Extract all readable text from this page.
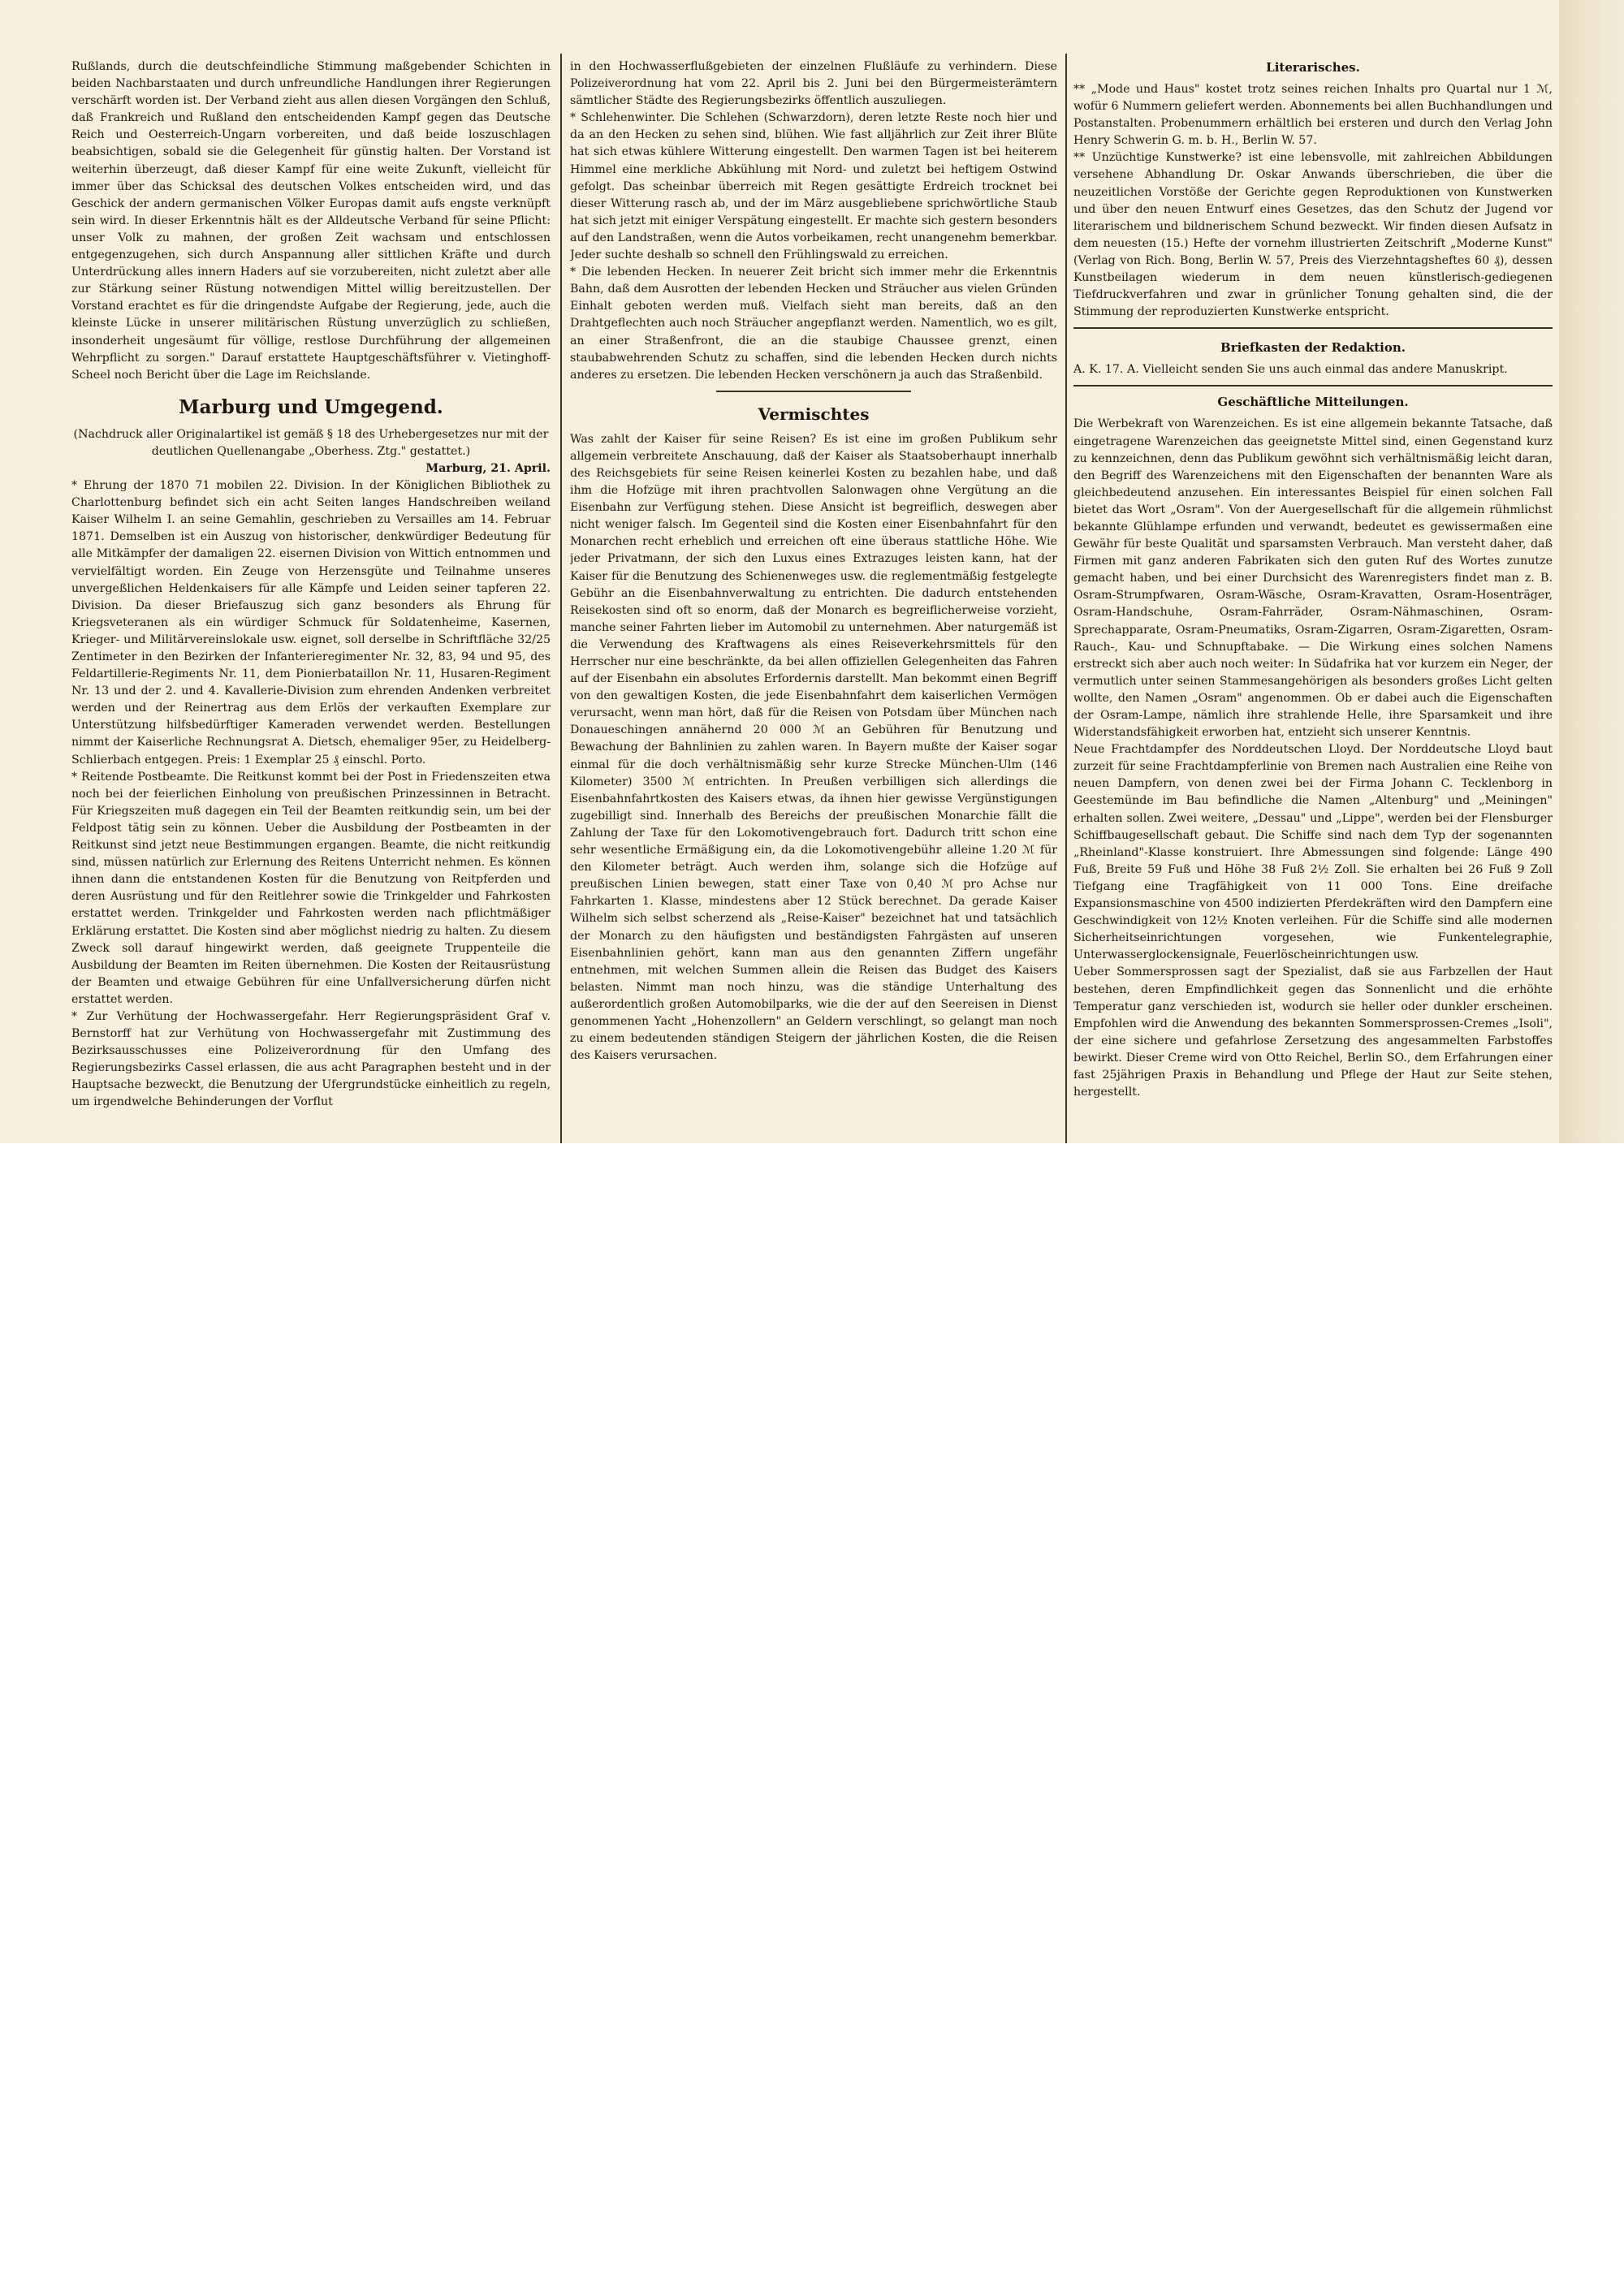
Rußlands, durch die deutschfeindliche Stimmung maßgebender Schichten in beiden Nachbarstaaten und durch unfreundliche Handlungen ihrer Regierungen verschärft worden ist. Der Verband zieht aus allen diesen Vorgängen den Schluß, daß Frankreich und Rußland den entscheidenden Kampf gegen das Deutsche Reich und Oesterreich-Ungarn vorbereiten, und daß beide loszuschlagen beabsichtigen, sobald sie die Gelegenheit für günstig halten. Der Vorstand ist weiterhin überzeugt, daß dieser Kampf für eine weite Zukunft, vielleicht für immer über das Schicksal des deutschen Volkes entscheiden wird, und das Geschick der andern germanischen Völker Europas damit aufs engste verknüpft sein wird. In dieser Erkenntnis hält es der Alldeutsche Verband für seine Pflicht: unser Volk zu mahnen, der großen Zeit wachsam und entschlossen entgegenzugehen, sich durch Anspannung aller sittlichen Kräfte und durch Unterdrückung alles innern Haders auf sie vorzubereiten, nicht zuletzt aber alle zur Stärkung seiner Rüstung notwendigen Mittel willig bereitzustellen. Der Vorstand erachtet es für die dringendste Aufgabe der Regierung, jede, auch die kleinste Lücke in unserer militärischen Rüstung unverzüglich zu schließen, insonderheit ungesäumt für völlige, restlose Durchführung der allgemeinen Wehrpflicht zu sorgen." Darauf erstattete Hauptgeschäftsführer v. Vietinghoff-Scheel noch Bericht über die Lage im Reichslande.

Marburg und Umgegend.

(Nachdruck aller Originalartikel ist gemäß § 18 des Urhebergesetzes nur mit der deutlichen Quellenangabe „Oberhess. Ztg." gestattet.)

Marburg, 21. April.

* Ehrung der 1870 71 mobilen 22. Division. In der Königlichen Bibliothek zu Charlottenburg befindet sich ein acht Seiten langes Handschreiben weiland Kaiser Wilhelm I. an seine Gemahlin, geschrieben zu Versailles am 14. Februar 1871. Demselben ist ein Auszug von historischer, denkwürdiger Bedeutung für alle Mitkämpfer der damaligen 22. eisernen Division von Wittich entnommen und vervielfältigt worden. Ein Zeuge von Herzensgüte und Teilnahme unseres unvergeßlichen Heldenkaisers für alle Kämpfe und Leiden seiner tapferen 22. Division. Da dieser Briefauszug sich ganz besonders als Ehrung für Kriegsveteranen als ein würdiger Schmuck für Soldatenheime, Kasernen, Krieger- und Militärvereinslokale usw. eignet, soll derselbe in Schriftfläche 32/25 Zentimeter in den Bezirken der Infanterieregimenter Nr. 32, 83, 94 und 95, des Feldartillerie-Regiments Nr. 11, dem Pionierbataillon Nr. 11, Husaren-Regiment Nr. 13 und der 2. und 4. Kavallerie-Division zum ehrenden Andenken verbreitet werden und der Reinertrag aus dem Erlös der verkauften Exemplare zur Unterstützung hilfsbedürftiger Kameraden verwendet werden. Bestellungen nimmt der Kaiserliche Rechnungsrat A. Dietsch, ehemaliger 95er, zu Heidelberg-Schlierbach entgegen. Preis: 1 Exemplar 25 ₰ einschl. Porto.

* Reitende Postbeamte. Die Reitkunst kommt bei der Post in Friedenszeiten etwa noch bei der feierlichen Einholung von preußischen Prinzessinnen in Betracht. Für Kriegszeiten muß dagegen ein Teil der Beamten reitkundig sein, um bei der Feldpost tätig sein zu können. Ueber die Ausbildung der Postbeamten in der Reitkunst sind jetzt neue Bestimmungen ergangen. Beamte, die nicht reitkundig sind, müssen natürlich zur Erlernung des Reitens Unterricht nehmen. Es können ihnen dann die entstandenen Kosten für die Benutzung von Reitpferden und deren Ausrüstung und für den Reitlehrer sowie die Trinkgelder und Fahrkosten erstattet werden. Trinkgelder und Fahrkosten werden nach pflichtmäßiger Erklärung erstattet. Die Kosten sind aber möglichst niedrig zu halten. Zu diesem Zweck soll darauf hingewirkt werden, daß geeignete Truppenteile die Ausbildung der Beamten im Reiten übernehmen. Die Kosten der Reitausrüstung der Beamten und etwaige Gebühren für eine Unfallversicherung dürfen nicht erstattet werden.

* Zur Verhütung der Hochwassergefahr. Herr Regierungspräsident Graf v. Bernstorff hat zur Verhütung von Hochwassergefahr mit Zustimmung des Bezirksausschusses eine Polizeiverordnung für den Umfang des Regierungsbezirks Cassel erlassen, die aus acht Paragraphen besteht und in der Hauptsache bezweckt, die Benutzung der Ufergrundstücke einheitlich zu regeln, um irgendwelche Behinderungen der Vorflut

in den Hochwasserflußgebieten der einzelnen Flußläufe zu verhindern. Diese Polizeiverordnung hat vom 22. April bis 2. Juni bei den Bürgermeisterämtern sämtlicher Städte des Regierungsbezirks öffentlich auszuliegen.

* Schlehenwinter. Die Schlehen (Schwarzdorn), deren letzte Reste noch hier und da an den Hecken zu sehen sind, blühen. Wie fast alljährlich zur Zeit ihrer Blüte hat sich etwas kühlere Witterung eingestellt. Den warmen Tagen ist bei heiterem Himmel eine merkliche Abkühlung mit Nord- und zuletzt bei heftigem Ostwind gefolgt. Das scheinbar überreich mit Regen gesättigte Erdreich trocknet bei dieser Witterung rasch ab, und der im März ausgebliebene sprichwörtliche Staub hat sich jetzt mit einiger Verspätung eingestellt. Er machte sich gestern besonders auf den Landstraßen, wenn die Autos vorbeikamen, recht unangenehm bemerkbar. Jeder suchte deshalb so schnell den Frühlingswald zu erreichen.

* Die lebenden Hecken. In neuerer Zeit bricht sich immer mehr die Erkenntnis Bahn, daß dem Ausrotten der lebenden Hecken und Sträucher aus vielen Gründen Einhalt geboten werden muß. Vielfach sieht man bereits, daß an den Drahtgeflechten auch noch Sträucher angepflanzt werden. Namentlich, wo es gilt, an einer Straßenfront, die an die staubige Chaussee grenzt, einen staubabwehrenden Schutz zu schaffen, sind die lebenden Hecken durch nichts anderes zu ersetzen. Die lebenden Hecken verschönern ja auch das Straßenbild.

Vermischtes

Was zahlt der Kaiser für seine Reisen? Es ist eine im großen Publikum sehr allgemein verbreitete Anschauung, daß der Kaiser als Staatsoberhaupt innerhalb des Reichsgebiets für seine Reisen keinerlei Kosten zu bezahlen habe, und daß ihm die Hofzüge mit ihren prachtvollen Salonwagen ohne Vergütung an die Eisenbahn zur Verfügung stehen. Diese Ansicht ist begreiflich, deswegen aber nicht weniger falsch. Im Gegenteil sind die Kosten einer Eisenbahnfahrt für den Monarchen recht erheblich und erreichen oft eine überaus stattliche Höhe. Wie jeder Privatmann, der sich den Luxus eines Extrazuges leisten kann, hat der Kaiser für die Benutzung des Schienenweges usw. die reglementmäßig festgelegte Gebühr an die Eisenbahnverwaltung zu entrichten. Die dadurch entstehenden Reisekosten sind oft so enorm, daß der Monarch es begreiflicherweise vorzieht, manche seiner Fahrten lieber im Automobil zu unternehmen. Aber naturgemäß ist die Verwendung des Kraftwagens als eines Reiseverkehrsmittels für den Herrscher nur eine beschränkte, da bei allen offiziellen Gelegenheiten das Fahren auf der Eisenbahn ein absolutes Erfordernis darstellt. Man bekommt einen Begriff von den gewaltigen Kosten, die jede Eisenbahnfahrt dem kaiserlichen Vermögen verursacht, wenn man hört, daß für die Reisen von Potsdam über München nach Donaueschingen annähernd 20 000 ℳ an Gebühren für Benutzung und Bewachung der Bahnlinien zu zahlen waren. In Bayern mußte der Kaiser sogar einmal für die doch verhältnismäßig sehr kurze Strecke München-Ulm (146 Kilometer) 3500 ℳ entrichten. In Preußen verbilligen sich allerdings die Eisenbahnfahrtkosten des Kaisers etwas, da ihnen hier gewisse Vergünstigungen zugebilligt sind. Innerhalb des Bereichs der preußischen Monarchie fällt die Zahlung der Taxe für den Lokomotivengebrauch fort. Dadurch tritt schon eine sehr wesentliche Ermäßigung ein, da die Lokomotivengebühr alleine 1.20 ℳ für den Kilometer beträgt. Auch werden ihm, solange sich die Hofzüge auf preußischen Linien bewegen, statt einer Taxe von 0,40 ℳ pro Achse nur Fahrkarten 1. Klasse, mindestens aber 12 Stück berechnet. Da gerade Kaiser Wilhelm sich selbst scherzend als „Reise-Kaiser" bezeichnet hat und tatsächlich der Monarch zu den häufigsten und beständigsten Fahrgästen auf unseren Eisenbahnlinien gehört, kann man aus den genannten Ziffern ungefähr entnehmen, mit welchen Summen allein die Reisen das Budget des Kaisers belasten. Nimmt man noch hinzu, was die ständige Unterhaltung des außerordentlich großen Automobilparks, wie die der auf den Seereisen in Dienst genommenen Yacht „Hohenzollern" an Geldern verschlingt, so gelangt man noch zu einem bedeutenden ständigen Steigern der jährlichen Kosten, die die Reisen des Kaisers verursachen.

Literarisches.

** „Mode und Haus" kostet trotz seines reichen Inhalts pro Quartal nur 1 ℳ, wofür 6 Nummern geliefert werden. Abonnements bei allen Buchhandlungen und Postanstalten. Probenummern erhältlich bei ersteren und durch den Verlag John Henry Schwerin G. m. b. H., Berlin W. 57.

** Unzüchtige Kunstwerke? ist eine lebensvolle, mit zahlreichen Abbildungen versehene Abhandlung Dr. Oskar Anwands überschrieben, die über die neuzeitlichen Vorstöße der Gerichte gegen Reproduktionen von Kunstwerken und über den neuen Entwurf eines Gesetzes, das den Schutz der Jugend vor literarischem und bildnerischem Schund bezweckt. Wir finden diesen Aufsatz in dem neuesten (15.) Hefte der vornehm illustrierten Zeitschrift „Moderne Kunst" (Verlag von Rich. Bong, Berlin W. 57, Preis des Vierzehntagsheftes 60 ₰), dessen Kunstbeilagen wiederum in dem neuen künstlerisch-gediegenen Tiefdruckverfahren und zwar in grünlicher Tonung gehalten sind, die der Stimmung der reproduzierten Kunstwerke entspricht.

Briefkasten der Redaktion.

A. K. 17. A. Vielleicht senden Sie uns auch einmal das andere Manuskript.

Geschäftliche Mitteilungen.

Die Werbekraft von Warenzeichen. Es ist eine allgemein bekannte Tatsache, daß eingetragene Warenzeichen das geeignetste Mittel sind, einen Gegenstand kurz zu kennzeichnen, denn das Publikum gewöhnt sich verhältnismäßig leicht daran, den Begriff des Warenzeichens mit den Eigenschaften der benannten Ware als gleichbedeutend anzusehen. Ein interessantes Beispiel für einen solchen Fall bietet das Wort „Osram". Von der Auergesellschaft für die allgemein rühmlichst bekannte Glühlampe erfunden und verwandt, bedeutet es gewissermaßen eine Gewähr für beste Qualität und sparsamsten Verbrauch. Man versteht daher, daß Firmen mit ganz anderen Fabrikaten sich den guten Ruf des Wortes zunutze gemacht haben, und bei einer Durchsicht des Warenregisters findet man z. B. Osram-Strumpfwaren, Osram-Wäsche, Osram-Kravatten, Osram-Hosenträger, Osram-Handschuhe, Osram-Fahrräder, Osram-Nähmaschinen, Osram-Sprechapparate, Osram-Pneumatiks, Osram-Zigarren, Osram-Zigaretten, Osram-Rauch-, Kau- und Schnupftabake. — Die Wirkung eines solchen Namens erstreckt sich aber auch noch weiter: In Südafrika hat vor kurzem ein Neger, der vermutlich unter seinen Stammesangehörigen als besonders großes Licht gelten wollte, den Namen „Osram" angenommen. Ob er dabei auch die Eigenschaften der Osram-Lampe, nämlich ihre strahlende Helle, ihre Sparsamkeit und ihre Widerstandsfähigkeit erworben hat, entzieht sich unserer Kenntnis.

Neue Frachtdampfer des Norddeutschen Lloyd. Der Norddeutsche Lloyd baut zurzeit für seine Frachtdampferlinie von Bremen nach Australien eine Reihe von neuen Dampfern, von denen zwei bei der Firma Johann C. Tecklenborg in Geestemünde im Bau befindliche die Namen „Altenburg" und „Meiningen" erhalten sollen. Zwei weitere, „Dessau" und „Lippe", werden bei der Flensburger Schiffbaugesellschaft gebaut. Die Schiffe sind nach dem Typ der sogenannten „Rheinland"-Klasse konstruiert. Ihre Abmessungen sind folgende: Länge 490 Fuß, Breite 59 Fuß und Höhe 38 Fuß 2½ Zoll. Sie erhalten bei 26 Fuß 9 Zoll Tiefgang eine Tragfähigkeit von 11 000 Tons. Eine dreifache Expansionsmaschine von 4500 indizierten Pferdekräften wird den Dampfern eine Geschwindigkeit von 12½ Knoten verleihen. Für die Schiffe sind alle modernen Sicherheitseinrichtungen vorgesehen, wie Funkentelegraphie, Unterwasserglockensignale, Feuerlöscheinrichtungen usw.

Ueber Sommersprossen sagt der Spezialist, daß sie aus Farbzellen der Haut bestehen, deren Empfindlichkeit gegen das Sonnenlicht und die erhöhte Temperatur ganz verschieden ist, wodurch sie heller oder dunkler erscheinen. Empfohlen wird die Anwendung des bekannten Sommersprossen-Cremes „Isoli", der eine sichere und gefahrlose Zersetzung des angesammelten Farbstoffes bewirkt. Dieser Creme wird von Otto Reichel, Berlin SO., dem Erfahrungen einer fast 25jährigen Praxis in Behandlung und Pflege der Haut zur Seite stehen, hergestellt.
